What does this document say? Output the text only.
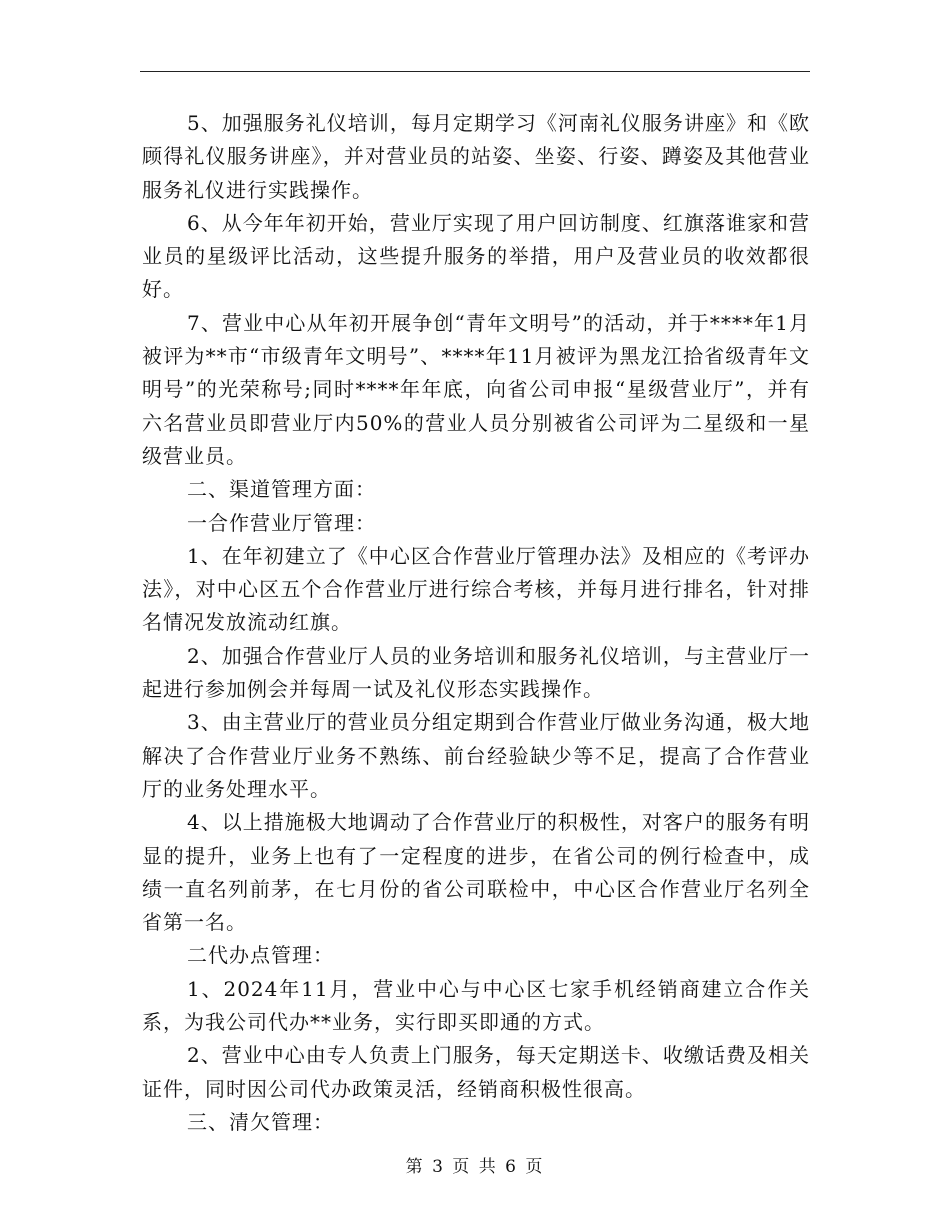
5、加强服务礼仪培训，每月定期学习《河南礼仪服务讲座》和《欧顾得礼仪服务讲座》，并对营业员的站姿、坐姿、行姿、蹲姿及其他营业服务礼仪进行实践操作。

6、从今年年初开始，营业厅实现了用户回访制度、红旗落谁家和营业员的星级评比活动，这些提升服务的举措，用户及营业员的收效都很好。

7、营业中心从年初开展争创“青年文明号”的活动，并于****年1月被评为**市“市级青年文明号”、****年11月被评为黑龙江拾省级青年文明号”的光荣称号;同时****年年底，向省公司申报“星级营业厅”，并有六名营业员即营业厅内50%的营业人员分别被省公司评为二星级和一星级营业员。

二、渠道管理方面：

一合作营业厅管理：

1、在年初建立了《中心区合作营业厅管理办法》及相应的《考评办法》，对中心区五个合作营业厅进行综合考核，并每月进行排名，针对排名情况发放流动红旗。

2、加强合作营业厅人员的业务培训和服务礼仪培训，与主营业厅一起进行参加例会并每周一试及礼仪形态实践操作。

3、由主营业厅的营业员分组定期到合作营业厅做业务沟通，极大地解决了合作营业厅业务不熟练、前台经验缺少等不足，提高了合作营业厅的业务处理水平。

4、以上措施极大地调动了合作营业厅的积极性，对客户的服务有明显的提升，业务上也有了一定程度的进步，在省公司的例行检查中，成绩一直名列前茅，在七月份的省公司联检中，中心区合作营业厅名列全省第一名。

二代办点管理：

1、2024年11月，营业中心与中心区七家手机经销商建立合作关系，为我公司代办**业务，实行即买即通的方式。

2、营业中心由专人负责上门服务，每天定期送卡、收缴话费及相关证件，同时因公司代办政策灵活，经销商积极性很高。

三、清欠管理：

第 3 页 共 6 页
